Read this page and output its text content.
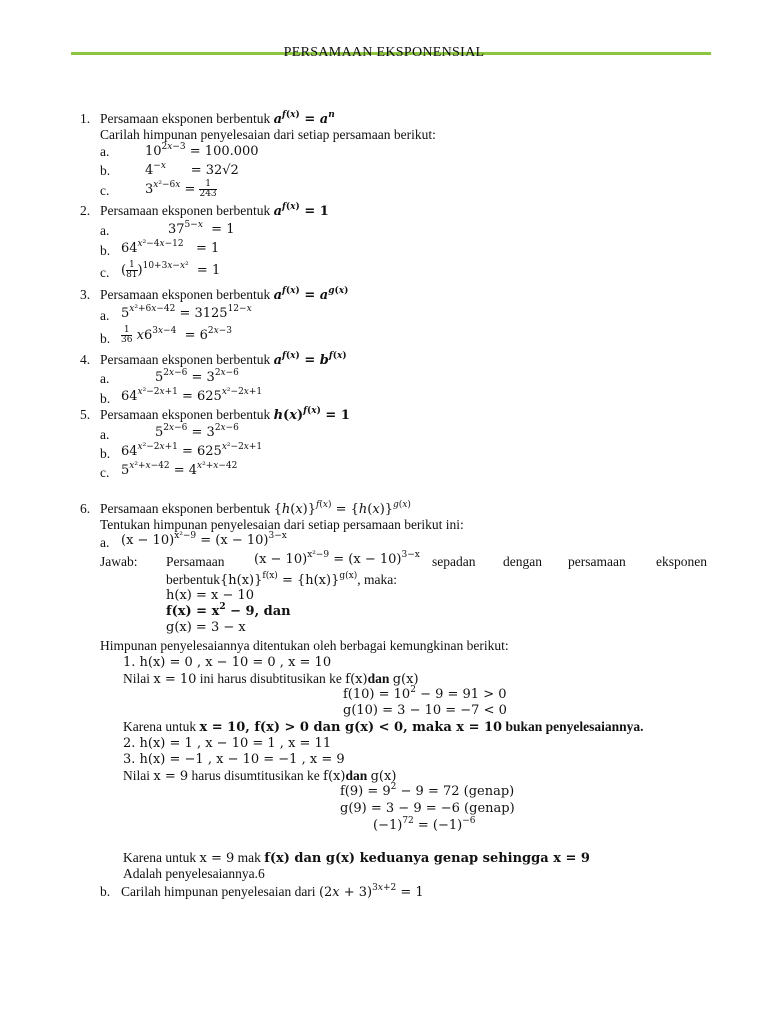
PERSAMAAN EKSPONENSIAL
1. Persamaan eksponen berbentuk $a^{f(x)} = a^n$
Carilah himpunan penyelesaian dari setiap persamaan berikut:
a.	$10^{2x-3} = 100.000$
b.	$4^{-x}$      = 32√2
c.	$3^{x^2-6x} = \frac{1}{243}$
2. Persamaan eksponen berbentuk $a^{f(x)} = 1$
a.	$37^{5-x} = 1$
b. $64^{x^2-4x-12} = 1$
c. ( $\frac{1}{81} )^{10+3x-x^2} = 1$
3. Persamaan eksponen berbentuk $a^{f(x)} = a^{g(x)}$
a. $5^{x^2+6x-42} = 3125^{12-x}$
b. $\frac{1}{36} x6^{3x-4} = 6^{2x-3}$
4. Persamaan eksponen berbentuk $a^{f(x)} = b^{f(x)}$
a.	$5^{2x-6} = 3^{2x-6}$
b. $64^{x^2-2x+1} = 625^{x^2-2x+1}$
5. Persamaan eksponen berbentuk $h(x)^{f(x)} = 1$
a.	$5^{2x-6} = 3^{2x-6}$
b. $64^{x^2-2x+1} = 625^{x^2-2x+1}$
c. $5^{x^2+x-42} = 4^{x^2+x-42}$
6. Persamaan eksponen berbentuk $\{h(x)\}^{f(x)} = \{h(x)\}^{g(x)}$
Tentukan himpunan penyelesaian dari setiap persamaan berikut ini:
a. $(x - 10)^{x^2-9} = (x - 10)^{3-x}$
Jawab: Persamaan $(x - 10)^{x^2-9} = (x - 10)^{3-x}$ sepadan dengan persamaan eksponen
$berbentuk\{h(x)\}^{f(x)} = \{h(x)\}^{g(x)}$, maka:
h(x) = x − 10
$f(x) = x^2 - 9$, dan
g(x) = 3 − x
Himpunan penyelesaiannya ditentukan oleh berbagai kemungkinan berikut:
1. h(x) = 0 , x − 10 = 0 , x = 10
Nilai x = 10 ini harus disubtitusikan ke f(x)dan g(x)
$f(10) = 10^2 - 9 = 91 > 0$
g(10) = 3 − 10 = −7 < 0
Karena untuk x = 10, f(x) > 0 dan g(x) < 0, maka x = 10 bukan penyelesaiannya.
2. h(x) = 1 , x − 10 = 1 , x = 11
3. h(x) = −1 , x − 10 = −1 , x = 9
Nilai x = 9 harus disumtitusikan ke f(x)dan g(x)
$f(9) = 9^2 - 9 = 72$ (genap)
g(9) = 3 − 9 = −6 (genap)
$(-1)^{72} = (-1)^{-6}$
Karena untuk x = 9 mak f(x) dan g(x) keduanya genap sehingga x = 9
Adalah penyelesaiannya.6
b. Carilah himpunan penyelesaian dari $(2x + 3)^{3x+2} = 1$
